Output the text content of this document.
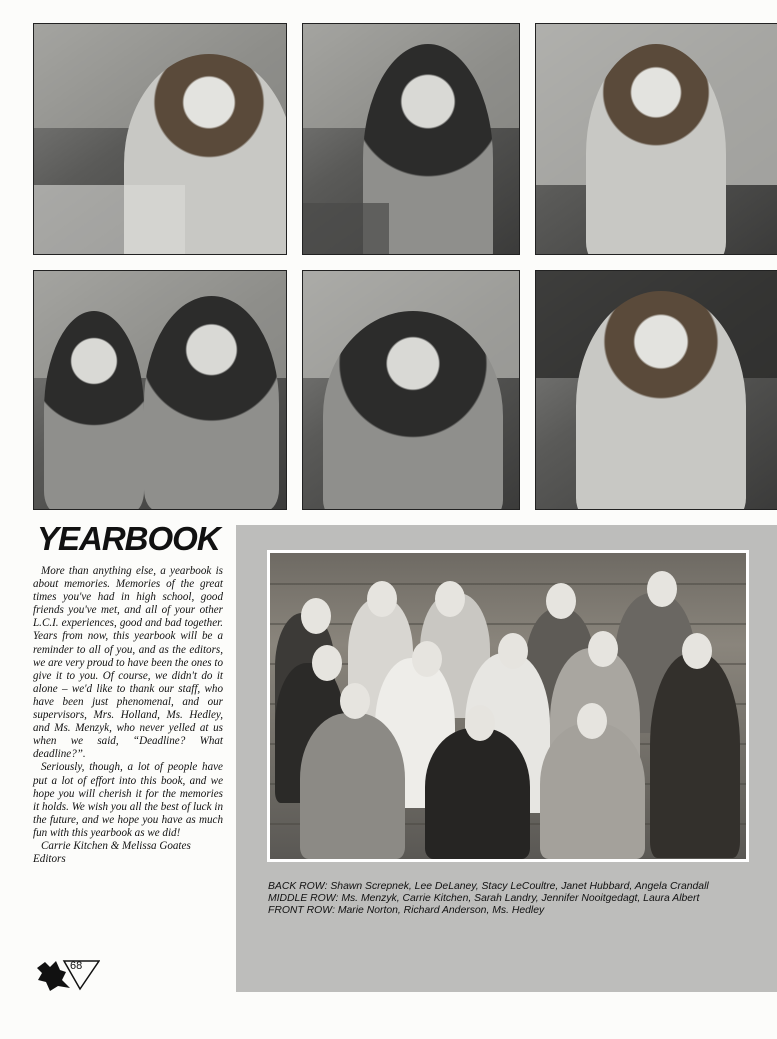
YEARBOOK

More than anything else, a yearbook is about memories. Memories of the great times you've had in high school, good friends you've met, and all of your other L.C.I. experiences, good and bad together. Years from now, this yearbook will be a reminder to all of you, and as the editors, we are very proud to have been the ones to give it to you. Of course, we didn't do it alone – we'd like to thank our staff, who have been just phenomenal, and our supervisors, Mrs. Holland, Ms. Hedley, and Ms. Menzyk, who never yelled at us when we said, “Deadline? What deadline?”.

Seriously, though, a lot of people have put a lot of effort into this book, and we hope you will cherish it for the memories it holds. We wish you all the best of luck in the future, and we hope you have as much fun with this yearbook as we did!

Carrie Kitchen & Melissa Goates

Editors

BACK ROW: Shawn Screpnek, Lee DeLaney, Stacy LeCoultre, Janet Hubbard, Angela Crandall
MIDDLE ROW: Ms. Menzyk, Carrie Kitchen, Sarah Landry, Jennifer Nooitgedagt, Laura Albert
FRONT ROW: Marie Norton, Richard Anderson, Ms. Hedley
68
